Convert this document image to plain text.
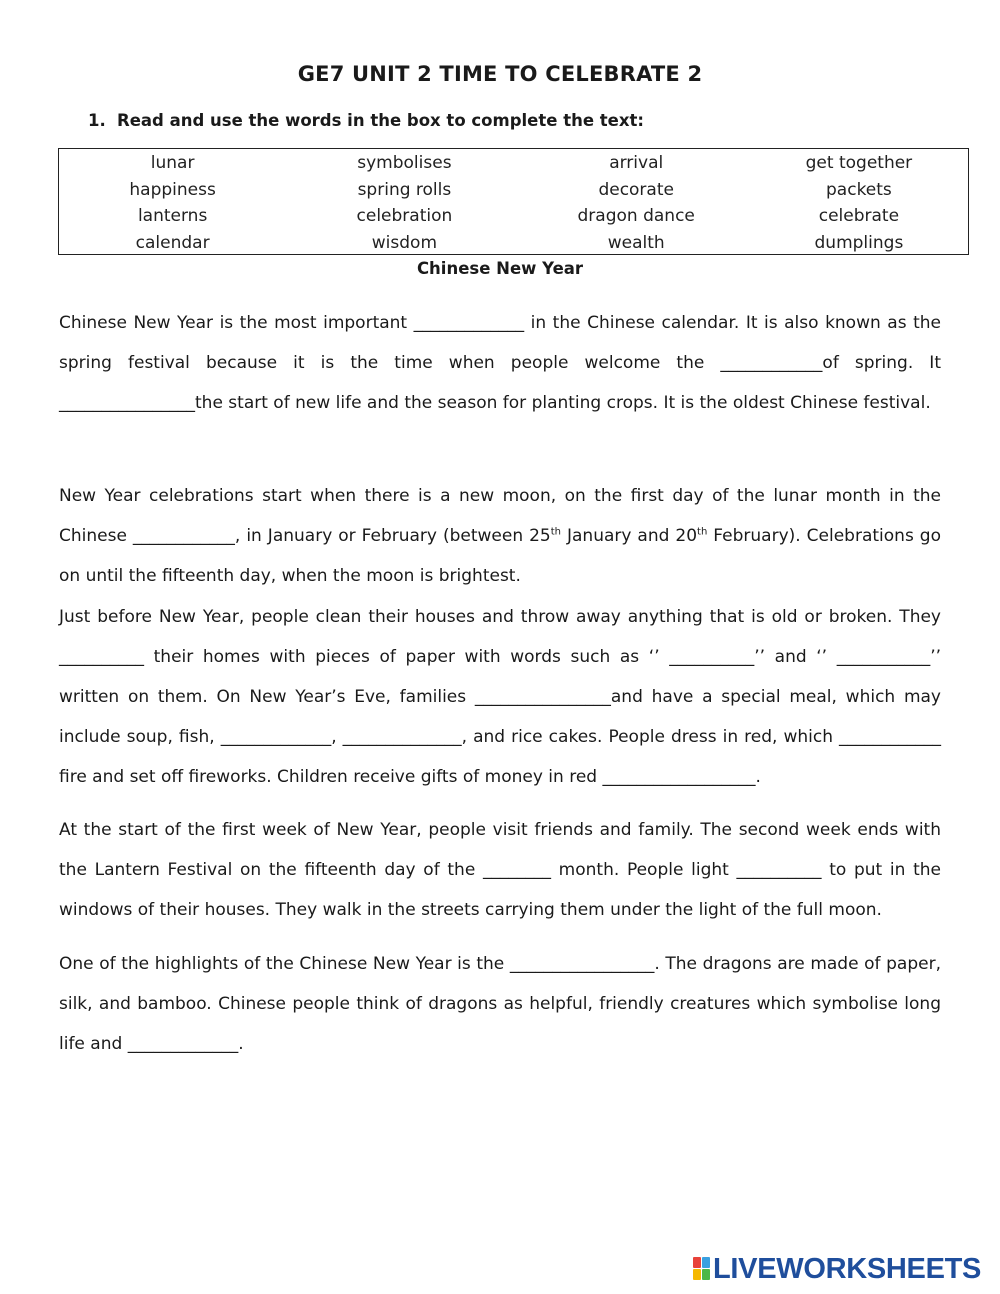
GE7 UNIT 2 TIME TO CELEBRATE 2
1. Read and use the words in the box to complete the text:
lunar	symbolises	arrival	get together
happiness	spring rolls	decorate	packets
lanterns	celebration	dragon dance	celebrate
calendar	wisdom	wealth	dumplings
Chinese New Year
Chinese New Year is the most important _____________ in the Chinese calendar. It is also known as the spring festival because it is the time when people welcome the ____________of spring. It ________________the start of new life and the season for planting crops. It is the oldest Chinese festival.
New Year celebrations start when there is a new moon, on the first day of the lunar month in the Chinese ____________, in January or February (between 25th January and 20th February). Celebrations go on until the fifteenth day, when the moon is brightest.
Just before New Year, people clean their houses and throw away anything that is old or broken. They __________ their homes with pieces of paper with words such as ‘’ __________’’ and ‘’ ___________’’ written on them. On New Year’s Eve, families ________________and have a special meal, which may include soup, fish, _____________, ______________, and rice cakes. People dress in red, which ____________ fire and set off fireworks. Children receive gifts of money in red __________________.
At the start of the first week of New Year, people visit friends and family. The second week ends with the Lantern Festival on the fifteenth day of the ________ month. People light __________ to put in the windows of their houses. They walk in the streets carrying them under the light of the full moon.
One of the highlights of the Chinese New Year is the _________________. The dragons are made of paper, silk, and bamboo. Chinese people think of dragons as helpful, friendly creatures which symbolise long life and _____________.
LIVEWORKSHEETS
